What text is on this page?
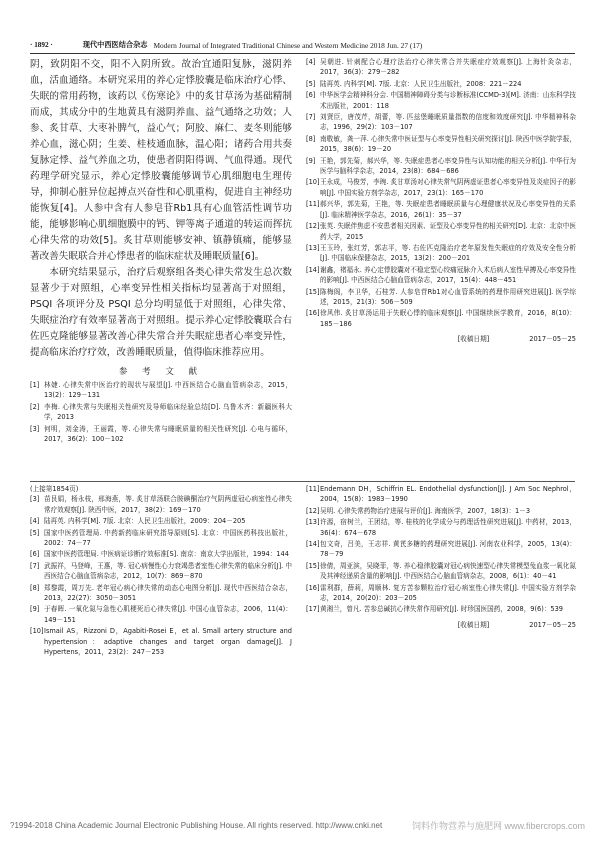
· 1892 ·	现代中西医结合杂志 Modern Journal of Integrated Traditional Chinese and Western Medicine 2018 Jun. 27 (17)

阴，致阴阳不交，阳不入阴所致。故治宜通阳复脉，滋阴养血，活血通络。本研究采用的养心定悸胶囊是临床治疗心悸、失眠的常用药物，该药以《伤寒论》中的炙甘草汤为基础精制而成，其成分中的生地黄具有滋阴养血、益气通络之功效；人参、炙甘草、大枣补脾气，益心气；阿胶、麻仁、麦冬则能够养心血，滋心阴；生姜、桂枝通血脉，温心阳；诸药合用共奏复脉定悸、益气养血之功，使患者阴阳得调、气血得通。现代药理学研究显示，养心定悸胶囊能够调节心肌细胞电生理传导，抑制心脏异位起搏点兴奋性和心肌重构，促进自主神经功能恢复[4]。人参中含有人参皂苷Rb1具有心血管活性调节功能，能够影响心肌细胞膜中的钙、钾等离子通道的转运而挥抗心律失常的功效[5]。炙甘草则能够安神、镇静镇痛，能够显著改善失眠联合并心悸患者的临床症状及睡眠质量[6]。

本研究结果显示，治疗后观察组各类心律失常发生总次数显著少于对照组，心率变异性相关指标均显著高于对照组，PSQI 各项评分及 PSQI 总分均明显低于对照组，心律失常、失眠症治疗有效率显著高于对照组。提示养心定悸胶囊联合右佐匹克隆能够显著改善心律失常合并失眠症患者心率变异性，提高临床治疗疗效，改善睡眠质量，值得临床推荐应用。

参 考 文 献
[1] 林婕. 心律失常中医治疗的现状与展望[J]. 中西医结合心脑血管病杂志，2015，13(2)：129－131
[2] 李梅. 心律失常与失眠相关性研究及导师临床经验总结[D]. 乌鲁木齐：新疆医科大学，2013
[3] 何明，刘金涛，王丽霞，等. 心律失常与睡眠质量的相关性研究[J]. 心电与循环，2017，36(2)：100－102
[4] 吴朝进. 针刺配合心理疗法治疗心律失常合并失眠症疗效观察[J]. 上海针灸杂志，2017，36(3)：279－282
[5] 陆再英. 内科学[M]. 7版. 北京：人民卫生出版社，2008：221－224
[6] 中华医学会精神科分会. 中国精神障碍分类与诊断标准(CCMD-3)[M]. 济南：山东科学技术出版社，2001：118
[7] 刘贤臣，唐茂芹，胡蕾，等. 匹兹堡睡眠质量指数的信度和效度研究[J]. 中华精神科杂志，1996，29(2)：103－107
[8] 南敬敏，龚一萍. 心律失常中医证型与心率变异性相关研究探讨[J]. 陕西中医学院学报，2015，38(6)：19－20
[9] 王艳，郭先菊，郝兴华，等. 失眠症患者心率变异性与认知功能的相关分析[J]. 中华行为医学与脑科学杂志，2014，23(8)：684－686
[10] 王永成，马俊芳，李琬. 炙甘草汤对心律失常气阴两虚证患者心率变异性及炎症因子的影响[J]. 中国实验方剂学杂志，2017，23(1)：165－170
[11] 郝兴华，郭先菊，王艳，等. 失眠症患者睡眠质量与心理健康状况及心率变异性的关系[J]. 临床精神医学杂志，2016，26(1)：35－37
[12] 张英. 失眠伴焦虑不安患者相关因素、证型及心率变异性的相关研究[D]. 北京：北京中医药大学，2015
[13] 王玉玲，张红芳，郭志平，等. 右佐匹克隆治疗老年原发性失眠症的疗效及安全性分析[J]. 中国临床保健杂志，2015，13(2)：200－201
[14] 谢鑫，褚福永. 养心定悸胶囊对不稳定型心绞痛冠脉介入术后病人室性早搏及心率变异性的影响[J]. 中西医结合心脑血管病杂志，2017，15(4)：448－451
[15] 陈梅阁，李卫华，石桂芳. 人参皂苷Rb1对心血管系统的药理作用研究进展[J]. 医学综述，2015，21(3)：506－509
[16] 徐风伟. 炙甘草汤运用于失眠心悸的临床观察[J]. 中国继续医学教育，2016，8(10)：185－186
[收稿日期]	2017－05－25
(上接第1854页)
[3] 苗艮娟，杨永枝，邢海燕，等. 炙甘草汤联合胺碘酮治疗气阴两虚冠心病室性心律失常疗效观察[J]. 陕西中医，2017，38(2)：169－170
[4] 陆再英. 内科学[M]. 7版. 北京：人民卫生出版社，2009：204－205
[5] 国家中医药管理局. 中药新药临床研究指导原则[S]. 北京：中国医药科技出版社，2002：74－77
[6] 国家中医药管理局. 中医病证诊断疗效标准[S]. 南京：南京大学出版社，1994：144
[7] 武振祥，马登峰，王惠，等. 冠心病慢性心力衰竭患者室性心律失常的临床分析[J]. 中西医结合心脑血管病杂志，2012，10(7)：869－870
[8] 郑黎霞，周万先. 老年冠心病心律失常的动态心电图分析[J]. 现代中西医结合杂志，2013，22(27)：3050－3051
[9] 于春晖. 一氧化氮与急性心肌梗死后心律失常[J]. 中国心血管杂志，2006，11(4)：149－151
[10] Ismail AS，Rizzoni D，Agabiti-Rosei E，et al. Small artery structure and hypertension：adaptive changes and target organ damage[J]. J Hypertens，2011，23(2)：247－253
[11] Endemann DH，Schiffrin EL. Endothelial dysfunction[J]. J Am Soc Nephrol，2004，15(8)：1983－1990
[12] 吴明. 心律失常药物治疗进展与评价[J]. 海南医学，2007，18(3)：1－3
[13] 许源，宿树兰，王团结，等. 桂枝的化学成分与药理活性研究进展[J]. 中药材，2013，36(4)：674－678
[14] 包文奇，吕美，王志祥. 黄芪多糖的药理研究进展[J]. 河南农业科学，2005，13(4)：78－79
[15] 徐倩，周亚滨，吴晓菲，等. 养心稳律胶囊对冠心病快速型心律失常模型兔血浆一氧化氮及其神经递质含量的影响[J]. 中西医结合心脑血管病杂志，2008，6(1)：40－41
[16] 雷利群，薛莉，周顺林. 复方苦参颗粒治疗冠心病室性心律失常[J]. 中国实验方剂学杂志，2014，20(20)：203－205
[17] 黄湘兰，曾凡. 苦参总碱抗心律失常作用研究[J]. 时珍国医国药，2008，9(6)：539
[收稿日期]	2017－05－25
?1994-2018 China Academic Journal Electronic Publishing House. All rights reserved. http://www.cnki.net	饲料作物营养与施肥网 www.fibercrops.com
